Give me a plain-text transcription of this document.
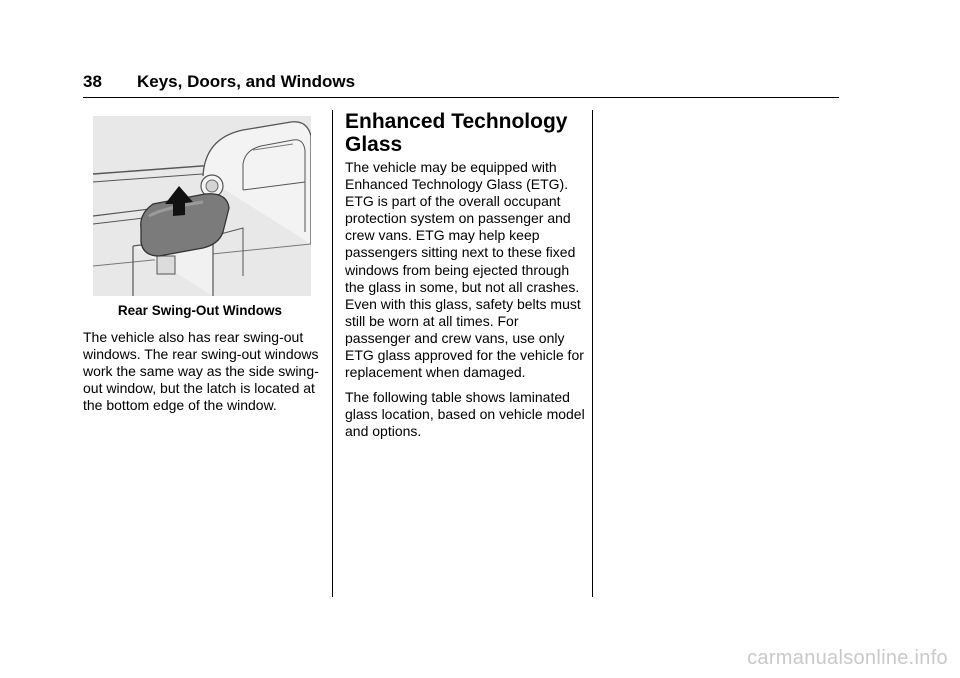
38 Keys, Doors, and Windows
Rear Swing-Out Windows

The vehicle also has rear swing-out windows. The rear swing-out windows work the same way as the side swing-out window, but the latch is located at the bottom edge of the window.

Enhanced Technology Glass

The vehicle may be equipped with Enhanced Technology Glass (ETG). ETG is part of the overall occupant protection system on passenger and crew vans. ETG may help keep passengers sitting next to these fixed windows from being ejected through the glass in some, but not all crashes. Even with this glass, safety belts must still be worn at all times. For passenger and crew vans, use only ETG glass approved for the vehicle for replacement when damaged.

The following table shows laminated glass location, based on vehicle model and options.

carmanualsonline.info
